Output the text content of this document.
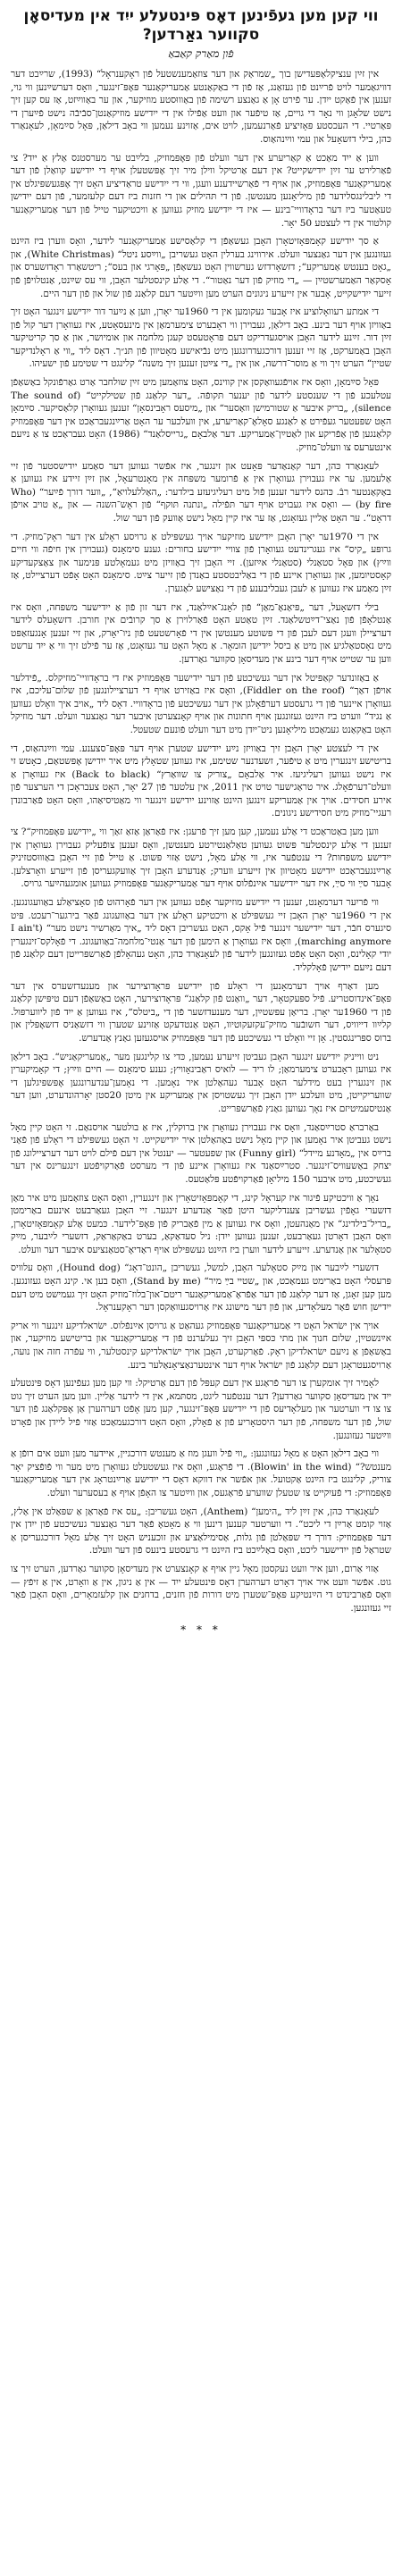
ווי קען מען געפֿינען דאָס פּינטעלע ייִד אין מעדיסאָן סקווער גאַרדען?
פֿון מאַרק קאַבאַ

אין זײַן ענציקלאָפּעדישן בוך „שמראַק און דער צוזאַמענשטעל פֿון ראָקענראָל“ (1993), שרײַבט דער דוויגאַמער לויט פֿרײַנט פֿון געזאַנג, אַז פֿון די באַקאַנטע אַמעריקאַנער פּאָפּ־זינגער, וואָס דערשײַנען ווי גוי, זענען אין פֿאַקט ייִדן. ער פֿירט אָן אַ גאַנצע רשימה פֿון באַוווּסטע מוזיקער, און ער באַווײַזט, אַז עס קען זיך נישט שלאָגן ווי נאָר די גויים, אַז טיפֿער און וועט אַפֿילו אין די ייִדישע מוזיקאַנטן־סבֿיבֿה נישט פֿײַערן די פּאַרטיי. די העכסטע פּאָזיציע פֿאַרנעמען, לויט אים, אַזוינע נעמען ווי באָב דילאַן, פּאָל סײַמאָן, לעאָנאַרד כּהן, בילי דזשאָעל און עמי ווײַנהאַוס.

ווען אַ ייִד מאַכט אַ קאַריערע אין דער וועלט פֿון פּאָפּמוזיק, בלײַבט ער מערסטנס אַלץ אַ ייִד? צי פֿאַרלירט ער זײַן ייִדישקייט? אין דעם אַרטיקל ווילן מיר זיך אָפּשטעלן אויף די ייִדישע קוואַלן פֿון דער אַמעריקאַנער פּאָפּמוזיק, און אויף די פֿאַרשיידענע וועגן, ווי די ייִדישע טראַדיציע האָט זיך אָפּגעשפּיגלט אין די ליבלינגסלידער פֿון מיליאָנען מענטשן. פֿון די תּהילים און די חזנות ביז דעם קלעזמער, פֿון דעם ייִדישן טעאַטער ביז דער בראָדוויי־בינע — איז די ייִדישע מוזיק געווען אַ וויכטיקער טייל פֿון דער אַמעריקאַנער קולטור אין די לעצטע 50 יאָר.

אַ סך ייִדישע קאָמפּאָזיטאָרן האָבן געשאַפֿן די קלאַסישע אַמעריקאַנער לידער, וואָס ווערן ביז הײַנט געזונגען אין דער גאַנצער וועלט. אירווינג בערלין האָט געשריבן „ווײַסע ניטל“ (White Christmas), און „גאָט בענטש אַמעריקע“; דזשאָרדזש גערשווין האָט געשאַפֿן „פּאָרגי און בעס“; ריטשאַרד ראָדזשערס און אָסקאַר האַמערשטײַן — „די מוזיק פֿון דער נאַטור“. די אַלע קינסטלער האָבן, ווי עס שײַנט, אַנטלויפֿן פֿון זייער ייִדישקייט, אָבער אין זייערע ניגונים הערט מען ווײַטער דעם קלאַנג פֿון שול און פֿון דער היים.

די אמתע רעוואָלוציע איז אָבער געקומען אין די 1960ער יאָרן, ווען אַ נײַער דור ייִדישע זינגער האָט זיך באַוויזן אויף דער בינע. באָב דילאַן, געבוירן ווי ראָבערט צימערמאַן אין מינעסאָטע, איז געוואָרן דער קול פֿון זײַן דור. זײַנע לידער האָבן אויסגעדריקט דעם פּראָטעסט קעגן מלחמה און אומיושר, און אַ סך קריטיקער האָבן באַמערקט, אַז זיי זענען דורכגעדרונגען מיט נבֿיאישע מאָטיוון פֿון תּנ״ך. דאָס ליד „ווי אַ ראָלנדיקער שטיין“ הערט זיך ווי אַ מוסר־דרשה, און אין „די צײַטן זענען זיך משנה“ קלינגט די שטימע פֿון ישעיהו.

פּאָל סײַמאָן, וואָס איז אויפֿגעוואַקסן אין קווינס, האָט צוזאַמען מיט זײַן שולחבר אַרט גאַרפֿונקל באַשאַפֿן עטלעכע פֿון די שענסטע לידער פֿון יענער תּקופֿה. „דער קלאַנג פֿון שטילקייט“ (The sound of silence), „בריק איבער אַ שטורמישן וואַסער“ און „מיסעס ראָבינסאָן“ זענען געוואָרן קלאַסיקער. סײַמאָן האָט שפּעטער געפֿירט אַ לאַנגע סאָלאָ־קאַריערע, אין וועלכער ער האָט אַרײַנגעבראַכט אין דער פּאָפּמוזיק קלאַנגען פֿון אַפֿריקע און לאַטײַן־אַמעריקע. דער אַלבאָם „גרייסלאַנד“ (1986) האָט געבראַכט צו אַ נײַעם אינטערעס צו וועלט־מוזיק.

לעאָנאַרד כּהן, דער קאַנאַדער פּאָעט און זינגער, איז אפֿשר געווען דער סאַמע ייִדישסטער פֿון זיי אַלעמען. ער איז געבוירן געוואָרן אין אַ פֿרומער משפּחה אין מאָנטרעאָל, און זײַן זיידע איז געווען אַ באַקאַנטער רבֿ. כּהנס לידער זענען פֿול מיט רעליגיעזע בילדער: „האַללעלויאַ“, „ווער דורך פֿײַער“ (Who by fire) — וואָס איז געבויט אויף דער תּפֿילה „ונתנה תּוקף“ פֿון ראָש־השנה — און „אַ טויב אויפֿן דראָט“. ער האָט אַליין געזאָגט, אַז ער איז קיין מאָל נישט אַוועק פֿון דער שול.

אין די 1970ער יאָרן האָבן ייִדישע מוזיקער אויך געשפּילט אַ גרויסע ראָלע אין דער ראָק־מוזיק. די גרופּע „קיס“ איז געגרינדעט געוואָרן פֿון צוויי ייִדישע בחורים: גענע סימאָנס (געבוירן אין חיפֿה ווי חיים ווײַץ) און פּאָל סטאַנלי (סטאַנלי אײַזען). זיי האָבן זיך באַוויזן מיט געמאָלטע פּנימער און צאַצקעדיקע קאָסטיומען, און געוואָרן איינע פֿון די באַליבטסטע באַנדן פֿון זייער צײַט. סימאָנס האָט אָפֿט דערציילט, אַז זײַן מאַמע איז געווען אַ לעבן געבליבענע פֿון די נאַצישע לאַגערן.

בילי דזשאָעל, דער „פּיאַנאָ־מאַן“ פֿון לאָנג־אײַלאַנד, איז דער זון פֿון אַ ייִדישער משפּחה, וואָס איז אַנטלאָפֿן פֿון נאַצי־דײַטשלאַנד. זײַן טאַטע האָט פֿאַרלוירן אַ סך קרובֿים אין חורבן. דזשאָעלס לידער דערציילן וועגן דעם לעבן פֿון די פּשוטע מענטשן אין די פֿאָרשטעט פֿון ניו־יאָרק, און זיי זענען אָנגעזאַפּט מיט נאָסטאַלגיע און מיט אַ ביסל ייִדישן הומאָר. אַ מאָל האָט ער געזאָגט, אַז ער פֿילט זיך ווי אַ ייִד ערשט ווען ער שטייט אויף דער בינע אין מעדיסאָן סקווער גאַרדען.

אַ באַזונדער קאַפּיטל אין דער געשיכטע פֿון דער ייִדישער פּאָפּמוזיק איז די בראָדוויי־מוזיקלס. „פֿידלער אויפֿן דאַך“ (Fiddler on the roof), וואָס איז באַזירט אויף די דערציילונגען פֿון שלום־עליכם, איז געוואָרן איינער פֿון די גרעסטע דערפֿאָלגן אין דער געשיכטע פֿון בראָדוויי. דאָס ליד „אויב איך וואָלט געווען אַ נגיד“ ווערט ביז הײַנט געזונגען אויף חתונות און אויף קאָנצערטן איבער דער גאַנצער וועלט. דער מוזיקל האָט באַקאַנט געמאַכט מיליאָנען ניט־ייִדן מיט דער וועלט פֿונעם שטעטל.

אין די לעצטע יאָרן האָבן זיך באַוויזן נײַע ייִדישע שטערן אויף דער פּאָפּ־סצענע. עמי ווײַנהאַוס, די בריטישע זינגערין מיט אַ טיפֿער, זשעדנער שטימע, איז געווען שטאָלץ מיט איר ייִדישן אָפּשטאַם, כאָטש זי איז נישט געווען רעליגיעז. איר אַלבאָם „צוריק צו שוואַרץ“ (Back to black) איז געוואָרן אַ וועלט־דערפֿאָלג. איר טראַגישער טויט אין 2011, אין עלטער פֿון 27 יאָר, האָט צעבראָכן די הערצער פֿון אירע חסידים. אויך אין אַמעריקע זינגען הײַנט אַזוינע ייִדישע זינגער ווי מאַטיסיאַהו, וואָס האָט פֿאַרבונדן רעגיי־מוזיק מיט חסידישע ניגונים.

ווען מען באַטראַכט די אַלע נעמען, קען מען זיך פֿרעגן: איז פֿאַראַן אַזאַ זאַך ווי „ייִדישע פּאָפּמוזיק“? צי זענען די אַלע קינסטלער פּשוט געווען טאַלאַנטירטע מענטשן, וואָס זענען צופֿעליק געבוירן געוואָרן אין ייִדישע משפּחות? די ענטפֿער איז, ווי אַלע מאָל, נישט אַזוי פּשוט. אַ טייל פֿון זיי האָבן באַוווּסטזיניק אַרײַנגעבראַכט ייִדישע מאָטיוון אין זייערע ווערק; אַנדערע האָבן זיך אַוועקגעריסן פֿון זייערע וואָרצלען. אָבער סײַ ווי סײַ, איז דער ייִדישער אײַנפֿלוס אויף דער אַמעריקאַנער פּאָפּמוזיק געווען אומגעהײַער גרויס.

ווי פֿריִער דערמאָנט, זענען די ייִדישע מוזיקער אָפֿט געווען אין דער פֿאָרהוט פֿון סאָציאַלע באַוועגונגען. אין די 1960ער יאָרן האָבן זיי געשפּילט אַ וויכטיקע ראָלע אין דער באַוועגונג פֿאַר בירגער־רעכט. פּיט סיגערס חבֿר, דער ייִדישער זינגער פֿיל אָקס, האָט געשריבן דאָס ליד „איך מאַרשיר נישט מער“ (I ain't marching anymore), וואָס איז געוואָרן אַ הימען פֿון דער אַנטי־מלחמה־באַוועגונג. די פֿאָלקס־זינגערין יודי קאָלינס, וואָס האָט אָפֿט געזונגען לידער פֿון לעאָנאַרד כּהן, האָט געהאָלפֿן פֿאַרשפּרייטן דעם קלאַנג פֿון דעם נײַעם ייִדישן פֿאָלקליד.

מען דאַרף אויך דערמאָנען די ראָלע פֿון ייִדישע פּראָדוצירער און מענעדזשערס אין דער פּאָפּ־אינדוסטריע. פֿיל ספּעקטאָר, דער „וואַנט פֿון קלאַנג“ פּראָדוצירער, האָט באַשאַפֿן דעם טיפּישן קלאַנג פֿון די 1960ער יאָרן. בריאַן עפּשטײַן, דער מענעדזשער פֿון די „ביטלס“, איז געווען אַ ייִד פֿון ליווערפּול. קלײַוו דייוויס, דער חשובֿער מוזיק־עקזעקוטיוו, האָט אַנטדעקט אַזוינע שטערן ווי דזשאַניס דזשאָפּלין און ברוס ספּרינגסטין. אָן זיי וואָלט די געשיכטע פֿון דער פּאָפּמוזיק אויסגעזען גאַנץ אַנדערש.

ניט ווייניק ייִדישע זינגער האָבן געביטן זייערע נעמען, כּדי צו קלינגען מער „אַמעריקאַניש“. באָב דילאַן איז געווען ראָבערט צימערמאַן; לו ריד — לואיס ראַבינאָוויץ; גענע סימאָנס — חיים ווײַץ; די קאָמיקערין און זינגערין בעט מידלער האָט אָבער געהאַלטן איר נאָמען. די נאָמען־ענדערונגען אָפּשפּיגלען די שוועריקייטן, מיט וועלכע ייִדן האָבן זיך געשטויסן אין אַמעריקע אין מיטן 20סטן יאָרהונדערט, ווען דער אַנטיסעמיטיזם איז נאָך געווען גאַנץ פֿאַרשפּרייט.

באַרבראַ סטרײַסאַנד, וואָס איז געבוירן געוואָרן אין ברוקלין, איז אַ בולטער אויסנאַם. זי האָט קיין מאָל נישט געביטן איר נאָמען און קיין מאָל נישט באַהאַלטן איר ייִדישקייט. זי האָט געשפּילט די ראָלע פֿון פֿאַני ברײַס אין „מאָדנע מיידל“ (Funny girl) און שפּעטער — יענטל אין דעם פֿילם לויט דער דערציילונג פֿון יצחק באַשעוויס־זינגער. סטרײַסאַנד איז געוואָרן איינע פֿון די מערסט פֿאַרקויפֿטע זינגערינס אין דער געשיכטע, מיט איבער 150 מיליאָן פֿאַרקויפֿטע פּלאַטעס.

נאָך אַ וויכטיקע פֿיגור איז קעראָל קינג, די קאָמפּאָזיטאָרין און זינגערין, וואָס האָט צוזאַמען מיט איר מאַן דזשערי גאָפֿין געשריבן צענדליקער היטן פֿאַר אַנדערע זינגער. זיי האָבן געאַרבעט אינעם באַרימטן „בריל־בילדינג“ אין מאַנהעטן, וואָס איז געווען אַ מין פֿאַבריק פֿון פּאָפּ־לידער. כּמעט אַלע קאָמפּאָזיטאָרן, וואָס האָבן דאָרטן געאַרבעט, זענען געווען ייִדן: ניל סעדאַקאַ, בערט באַקאַראַק, דזשערי לײַבער, מײַק סטאָלער און אַנדערע. זייערע לידער ווערן ביז הײַנט געשפּילט אויף ראַדיאָ־סטאַנציעס איבער דער וועלט.

דזשערי לײַבער און מײַק סטאָלער האָבן, למשל, געשריבן „הונט־דאָג“ (Hound dog), וואָס עלוויס פּרעסלי האָט באַרימט געמאַכט, און „שטיי בײַ מיר“ (Stand by me), וואָס בען אי. קינג האָט געזונגען. מען קען זאָגן, אַז דער קלאַנג פֿון דער אַפֿראָ־אַמעריקאַנער ריטם־און־בלוז־מוזיק האָט זיך געמישט מיט דעם ייִדישן חוש פֿאַר מעלאָדיע, און פֿון דער מישונג איז אַרויסגעוואַקסן דער ראָקענראָל.

אויך אין ישׂראל האָט די אַמעריקאַנער פּאָפּמוזיק געהאַט אַ גרויסן אײַנפֿלוס. ישׂראלדיקע זינגער ווי אריק אײַנשטײַן, שלום חנוך און מתי כּספּי האָבן זיך געלערנט פֿון די אַמעריקאַנער און בריטישע מוזיקער, און באַשאַפֿן אַ נײַעם ישׂראלדיקן ראָק. פֿאַרקערט, האָבן אויך ישׂראלדיקע קינסטלער, ווי עפֿרה חזה און נועה, אַרויסגעטראָגן דעם קלאַנג פֿון ישׂראל אויף דער אינטערנאַציאָנאַלער בינע.

לאָמיר זיך אומקערן צו דער פֿראַגע אין דעם קעפּל פֿון דעם אַרטיקל: ווי קען מען געפֿינען דאָס פּינטעלע ייִד אין מעדיסאָן סקווער גאַרדען? דער ענטפֿער ליגט, מסתּמא, אין די לידער אַליין. ווען מען הערט זיך גוט צו צו די ווערטער און מעלאָדיעס פֿון די ייִדישע פּאָפּ־זינגער, קען מען אָפֿט דערהערן אַן אָפּקלאַנג פֿון דער שול, פֿון דער משפּחה, פֿון דער היסטאָריע פֿון אַ פֿאָלק, וואָס האָט דורכגעמאַכט אַזוי פֿיל ליידן און פֿאָרט ווײַטער געזונגען.

ווי באָב דילאַן האָט אַ מאָל געזונגען: „ווי פֿיל וועגן מוז אַ מענטש דורכגיין, איידער מען וועט אים רופֿן אַ מענטש?“ (Blowin' in the wind). די פֿראַגע, וואָס איז געשטעלט געוואָרן מיט מער ווי פֿופֿציק יאָר צוריק, קלינגט ביז הײַנט אַקטועל. און אפֿשר איז דווקא דאָס די ייִדישע אַרײַנטראָג אין דער אַמעריקאַנער פּאָפּמוזיק: די פֿעיִקייט צו שטעלן שווערע פֿראַגעס, און ווײַטער צו האָפֿן אויף אַ בעסערער וועלט.

לעאָנאַרד כּהן, אין זײַן ליד „הימען“ (Anthem), האָט געשריבן: „עס איז פֿאַראַן אַ שפּאַלט אין אַלץ, אַזוי קומט אַרײַן די ליכט“. די ווערטער קענען דינען ווי אַ מאָטאָ פֿאַר דער גאַנצער געשיכטע פֿון ייִדן אין דער פּאָפּמוזיק: דורך די שפּאַלטן פֿון גלות, אַסימילאַציע און זוכעניש האָט זיך אַלע מאָל דורכגעריסן אַ שטראַל פֿון ייִדישער ליכט, וואָס באַלײַכט ביז הײַנט די גרעסטע בינעס פֿון דער וועלט.

אַזוי אַרום, ווען איר וועט נעקסטן מאָל גיין אויף אַ קאָנצערט אין מעדיסאָן סקווער גאַרדען, הערט זיך צו גוט. אפֿשר וועט איר אויך דאָרט דערהערן דאָס פּינטעלע ייִד — אין אַ ניגון, אין אַ וואָרט, אין אַ זיפֿץ — וואָס פֿאַרבינדט די הײַנטיקע פּאָפּ־שטערן מיט דורות פֿון חזנים, בדחנים און קלעזמאָרים, וואָס האָבן פֿאַר זיי געזונגען.

* * *
